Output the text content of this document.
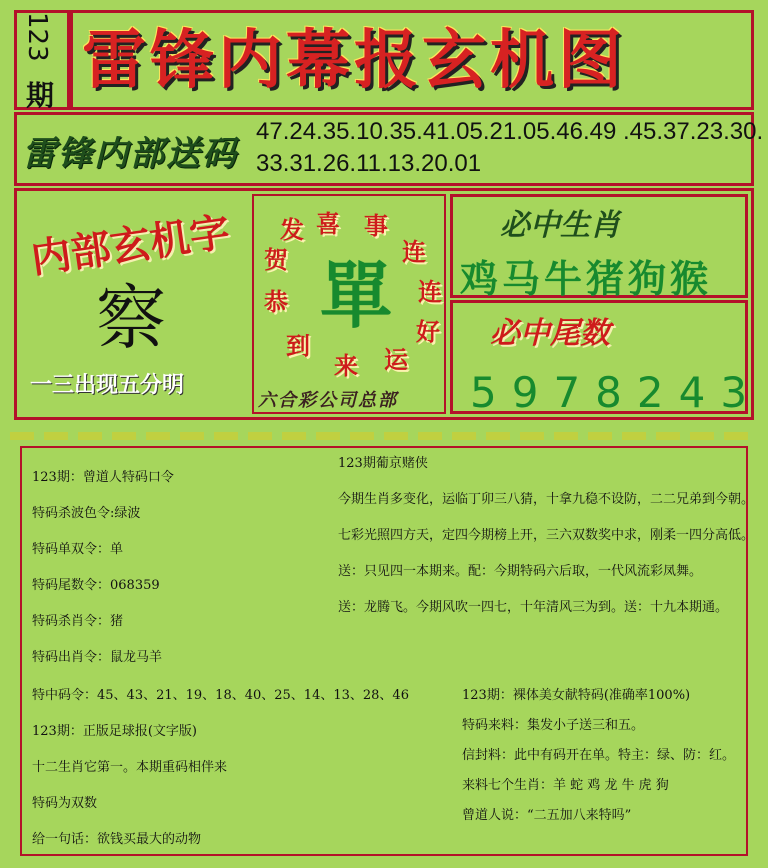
123
期 雷锋内幕报玄机图
雷锋内部送码
47.24.35.10.35.41.05.21.05.46.49 .45.37.23.30.
33.31.26.11.13.20.01
内部玄机字
察
一三出现五分明
喜 事
连
连
好
运
来
到
恭
贺
发
單
六合彩公司总部
必中生肖
鸡马牛猪狗猴
必中尾数
5978243
123期：曾道人特码口令
特码杀波色令:绿波
特码单双令：单
特码尾数令：068359
特码杀肖令：猪
特码出肖令：鼠龙马羊
特中码令：45、43、21、19、18、40、25、14、13、28、46
123期：正版足球报(文字版)
十二生肖它第一。本期重码相伴来
特码为双数
给一句话：欲钱买最大的动物
123期葡京赌侠
今期生肖多变化，运临丁卯三八猜，十拿九稳不设防，二二兄弟到今朝。
七彩光照四方天，定四今期榜上开，三六双数奖中求，刚柔一四分高低。
送：只见四一本期来。配：今期特码六后取，一代风流彩凤舞。
送：龙腾飞。今期风吹一四七，十年清风三为到。送：十九本期通。
123期：裸体美女献特码(准确率100%)
特码来料：集发小子送三和五。
信封料：此中有码开在单。特主：绿、防：红。
来料七个生肖：羊 蛇 鸡 龙 牛 虎 狗
曾道人说：“二五加八来特吗”
